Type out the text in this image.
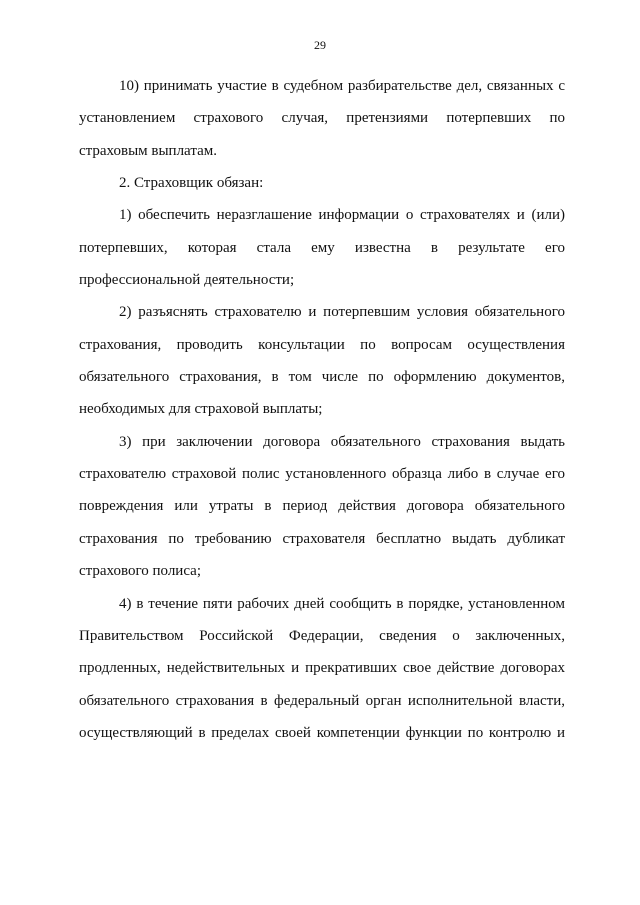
29
10) принимать участие в судебном разбирательстве дел, связанных с
установлением страхового случая, претензиями потерпевших по
страховым выплатам.
2. Страховщик обязан:
1) обеспечить неразглашение информации о страхователях и (или)
потерпевших, которая стала ему известна в результате его
профессиональной деятельности;
2) разъяснять страхователю и потерпевшим условия обязательного
страхования, проводить консультации по вопросам осуществления
обязательного страхования, в том числе по оформлению документов,
необходимых для страховой выплаты;
3) при заключении договора обязательного страхования выдать
страхователю страховой полис установленного образца либо в случае его
повреждения или утраты в период действия договора обязательного
страхования по требованию страхователя бесплатно выдать дубликат
страхового полиса;
4) в течение пяти рабочих дней сообщить в порядке, установленном
Правительством Российской Федерации, сведения о заключенных,
продленных, недействительных и прекративших свое действие договорах
обязательного страхования в федеральный орган исполнительной власти,
осуществляющий в пределах своей компетенции функции по контролю и
